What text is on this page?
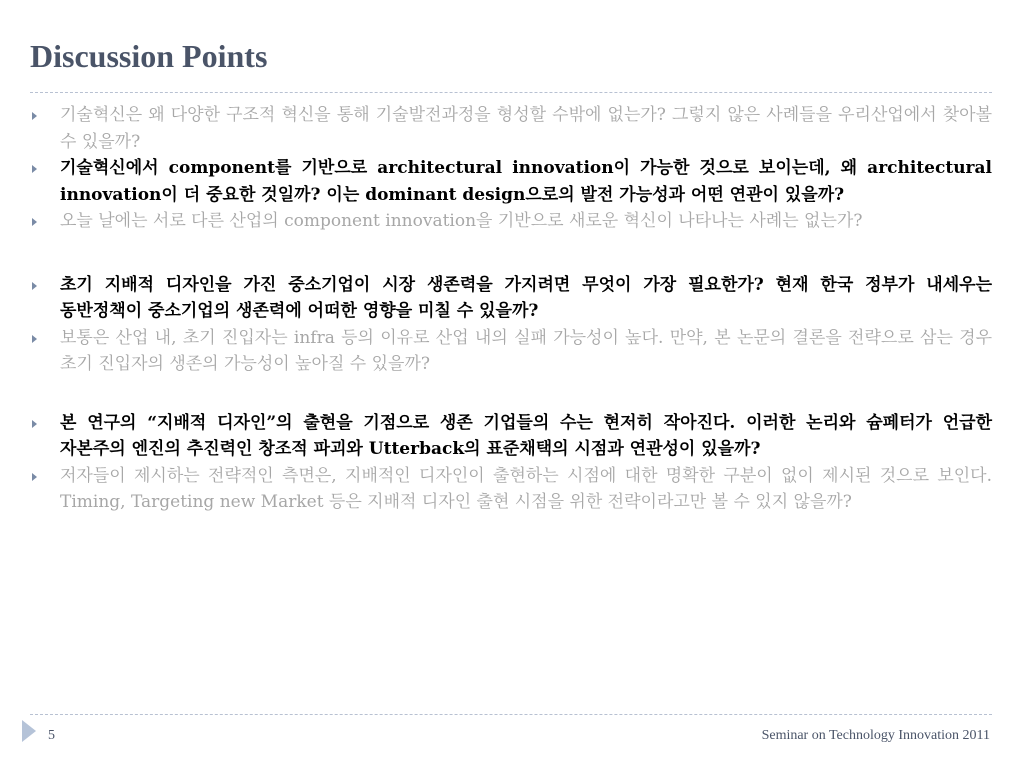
Discussion Points
기술혁신은 왜 다양한 구조적 혁신을 통해 기술발전과정을 형성할 수밖에 없는가? 그렇지 않은 사례들을 우리산업에서 찾아볼 수 있을까?
기술혁신에서 component를 기반으로 architectural innovation이 가능한 것으로 보이는데, 왜 architectural innovation이 더 중요한 것일까? 이는 dominant design으로의 발전 가능성과 어떤 연관이 있을까?
오늘 날에는 서로 다른 산업의 component innovation을 기반으로 새로운 혁신이 나타나는 사례는 없는가?
초기 지배적 디자인을 가진 중소기업이 시장 생존력을 가지려면 무엇이 가장 필요한가? 현재 한국 정부가 내세우는 동반정책이 중소기업의 생존력에 어떠한 영향을 미칠 수 있을까?
보통은 산업 내, 초기 진입자는 infra 등의 이유로 산업 내의 실패 가능성이 높다. 만약, 본 논문의 결론을 전략으로 삼는 경우 초기 진입자의 생존의 가능성이 높아질 수 있을까?
본 연구의 “지배적 디자인”의 출현을 기점으로 생존 기업들의 수는 현저히 작아진다. 이러한 논리와 슘페터가 언급한 자본주의 엔진의 추진력인 창조적 파괴와 Utterback의 표준채택의 시점과 연관성이 있을까?
저자들이 제시하는 전략적인 측면은, 지배적인 디자인이 출현하는 시점에 대한 명확한 구분이 없이 제시된 것으로 보인다. Timing, Targeting new Market 등은 지배적 디자인 출현 시점을 위한 전략이라고만 볼 수 있지 않을까?
5	Seminar on Technology Innovation 2011
